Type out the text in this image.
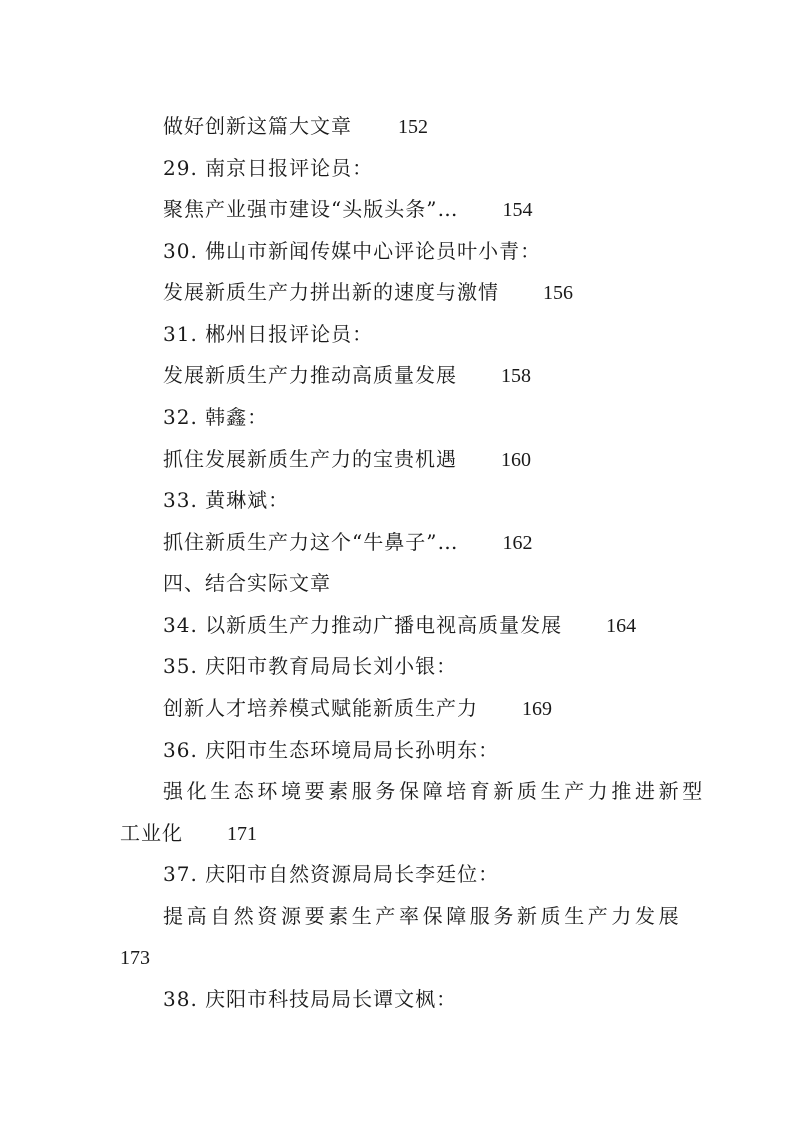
做好创新这篇大文章 152
29. 南京日报评论员：
聚焦产业强市建设“头版头条”… 154
30. 佛山市新闻传媒中心评论员叶小青：
发展新质生产力拼出新的速度与激情 156
31. 郴州日报评论员：
发展新质生产力推动高质量发展 158
32. 韩鑫：
抓住发展新质生产力的宝贵机遇 160
33. 黄琳斌：
抓住新质生产力这个“牛鼻子”… 162
四、结合实际文章
34. 以新质生产力推动广播电视高质量发展 164
35. 庆阳市教育局局长刘小银：
创新人才培养模式赋能新质生产力 169
36. 庆阳市生态环境局局长孙明东：
强化生态环境要素服务保障培育新质生产力推进新型
工业化 171
37. 庆阳市自然资源局局长李廷位：
提高自然资源要素生产率保障服务新质生产力发展
173
38. 庆阳市科技局局长谭文枫：
